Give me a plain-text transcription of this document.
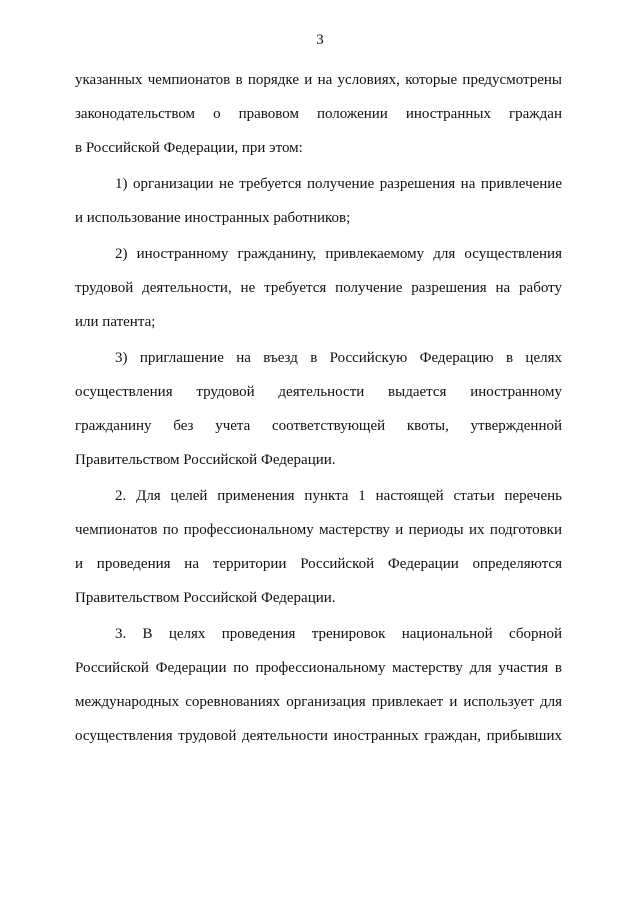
3
указанных чемпионатов в порядке и на условиях, которые предусмотрены
законодательством о правовом положении иностранных граждан
в Российской Федерации, при этом:
1) организации не требуется получение разрешения на привлечение
и использование иностранных работников;
2) иностранному гражданину, привлекаемому для осуществления
трудовой деятельности, не требуется получение разрешения на работу
или патента;
3) приглашение на въезд в Российскую Федерацию в целях
осуществления трудовой деятельности выдается иностранному
гражданину без учета соответствующей квоты, утвержденной
Правительством Российской Федерации.
2. Для целей применения пункта 1 настоящей статьи перечень
чемпионатов по профессиональному мастерству и периоды их подготовки
и проведения на территории Российской Федерации определяются
Правительством Российской Федерации.
3. В целях проведения тренировок национальной сборной
Российской Федерации по профессиональному мастерству для участия в
международных соревнованиях организация привлекает и использует для
осуществления трудовой деятельности иностранных граждан, прибывших
